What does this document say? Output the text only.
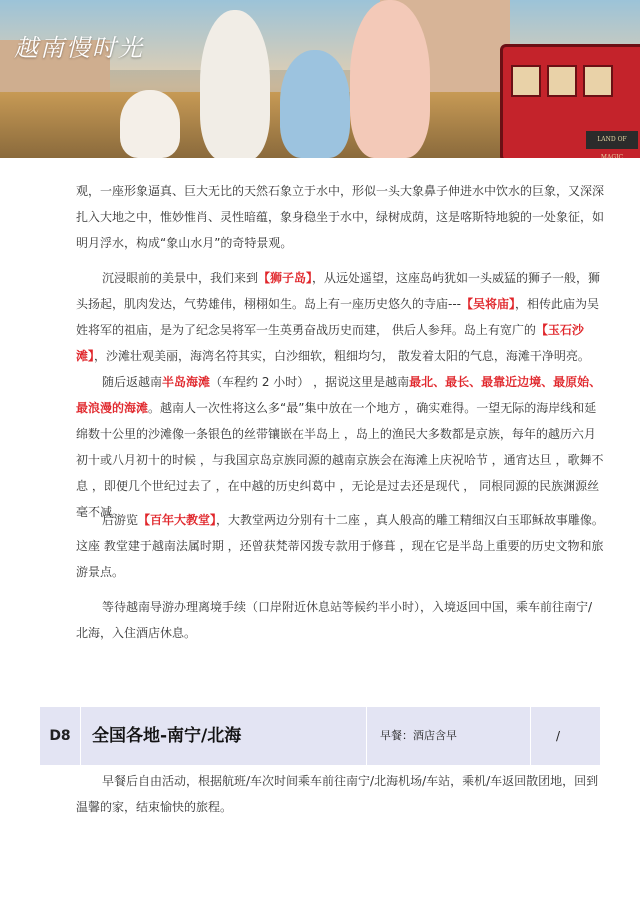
LAND OF MAGIC
越南慢时光

观，一座形象逼真、巨大无比的天然石象立于水中，形似一头大象鼻子伸进水中饮水的巨象，又深深扎入大地之中，惟妙惟肖、灵性暗蕴，象身稳坐于水中，绿树成荫，这是喀斯特地貌的一处象征，如明月浮水，构成“象山水月”的奇特景观。

沉浸眼前的美景中，我们来到【狮子岛】，从远处遥望，这座岛屿犹如一头威猛的狮子一般，狮头扬起，肌肉发达，气势雄伟，栩栩如生。岛上有一座历史悠久的寺庙---【吴将庙】，相传此庙为吴姓将军的祖庙，是为了纪念吴将军一生英勇奋战历史而建， 供后人参拜。岛上有宽广的【玉石沙滩】，沙滩壮观美丽，海湾名符其实，白沙细软，粗细均匀， 散发着太阳的气息，海滩干净明亮。

随后返越南半岛海滩（车程约 2 小时） ，据说这里是越南最北、最长、最靠近边境、最原始、最浪漫的海滩。越南人一次性将这么多“最”集中放在一个地方 ，确实难得。一望无际的海岸线和延绵数十公里的沙滩像一条银色的丝带镶嵌在半岛上 ，岛上的渔民大多数都是京族，每年的越历六月初十或八月初十的时候 ，与我国京岛京族同源的越南京族会在海滩上庆祝哈节 ，通宵达旦 ，歌舞不息 ，即便几个世纪过去了 ，在中越的历史纠葛中 ，无论是过去还是现代 ， 同根同源的民族渊源丝毫不减。

后游览【百年大教堂】，大教堂两边分别有十二座 ，真人般高的雕工精细汉白玉耶稣故事雕像。这座 教堂建于越南法属时期 ，还曾获梵蒂冈拨专款用于修葺 ，现在它是半岛上重要的历史文物和旅游景点。

等待越南导游办理离境手续（口岸附近休息站等候约半小时），入境返回中国，乘车前往南宁/北海，入住酒店休息。

D8	全国各地-南宁/北海	早餐：酒店含早	/

早餐后自由活动，根据航班/车次时间乘车前往南宁/北海机场/车站，乘机/车返回散团地，回到温馨的家，结束愉快的旅程。
